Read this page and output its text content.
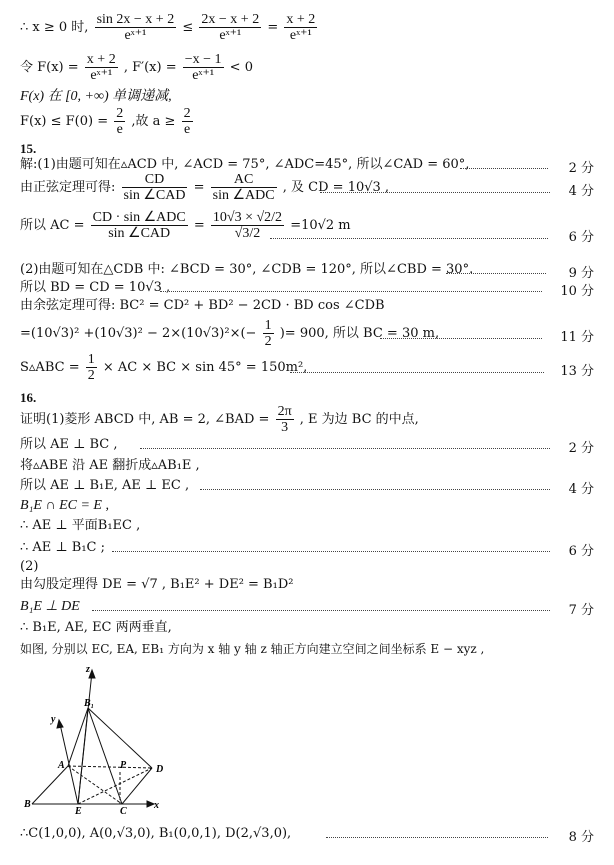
∴ x ≥ 0 时, $\frac{\sin 2x - x + 2}{\text{eˣ⁺¹}} \le \frac{2x - x + 2}{\text{eˣ⁺¹}} = \frac{x + 2}{\text{eˣ⁺¹}}$
令 $F(x) = \frac{x + 2}{\text{eˣ⁺¹}}$ , $F'(x) = \frac{-x - 1}{\text{eˣ⁺¹}} < 0$
F(x) 在 [0, +∞) 单调递减,
$F(x) \le F(0) = \frac{2}{e}$ ,故 $a \ge \frac{2}{e}$
15.
解:(1)由题可知在▵ACD 中, ∠ACD = 75°, ∠ADC=45°, 所以∠CAD = 60°,	2 分
由正弦定理可得: $\frac{CD}{\text{sin ∠CAD}} = \frac{AC}{\text{sin ∠ADC}}$ , 及 CD = 10√3 ,	4 分
所以 AC = $\frac{\text{CD · sin ∠ADC}}{\text{sin ∠CAD}} = \frac{10√3 \times √2/2}{√3/2} =10√2$ m
6 分
(2)由题可知在△CDB 中: ∠BCD = 30°, ∠CDB = 120°, 所以∠CBD = 30°.	9 分
所以 BD = CD = 10√3 ,	10 分
由余弦定理可得: BC² = CD² + BD² − 2CD · BD cos ∠CDB
$=(10√3)^2 +(10√3)^2 - 2\times(10√3)^2\times(- \frac{1}{2}$ )= 900, 所以 BC = 30 m,	11 分
S▵ABC = $\frac{1}{2}$ × AC × BC × sin 45° = 150m²,	13 分
16.
证明(1)菱形 ABCD 中, AB = 2, ∠BAD = $\frac{2\pi}{3}$ , E 为边 BC 的中点,
所以 AE ⊥ BC ,	2 分
将▵ABE 沿 AE 翻折成▵AB₁E ,
所以 AE ⊥ B₁E, AE ⊥ EC ,	4 分
B₁E ∩ EC = E ,
∴ AE ⊥ 平面B₁EC ,
∴ AE ⊥ B₁C ;	6 分
(2)
由勾股定理得 DE = √7 , B₁E² + DE² = B₁D²
B₁E ⊥ DE	7 分
∴ B₁E, AE, EC 两两垂直,
如图, 分别以 EC, EA, EB₁ 方向为 x 轴 y 轴 z 轴正方向建立空间之间坐标系 E − xyz ,
z
y
x
B₁
A	P	D
B
E	C
∴C(1,0,0), A(0,√3,0), B₁(0,0,1), D(2,√3,0),	8 分
